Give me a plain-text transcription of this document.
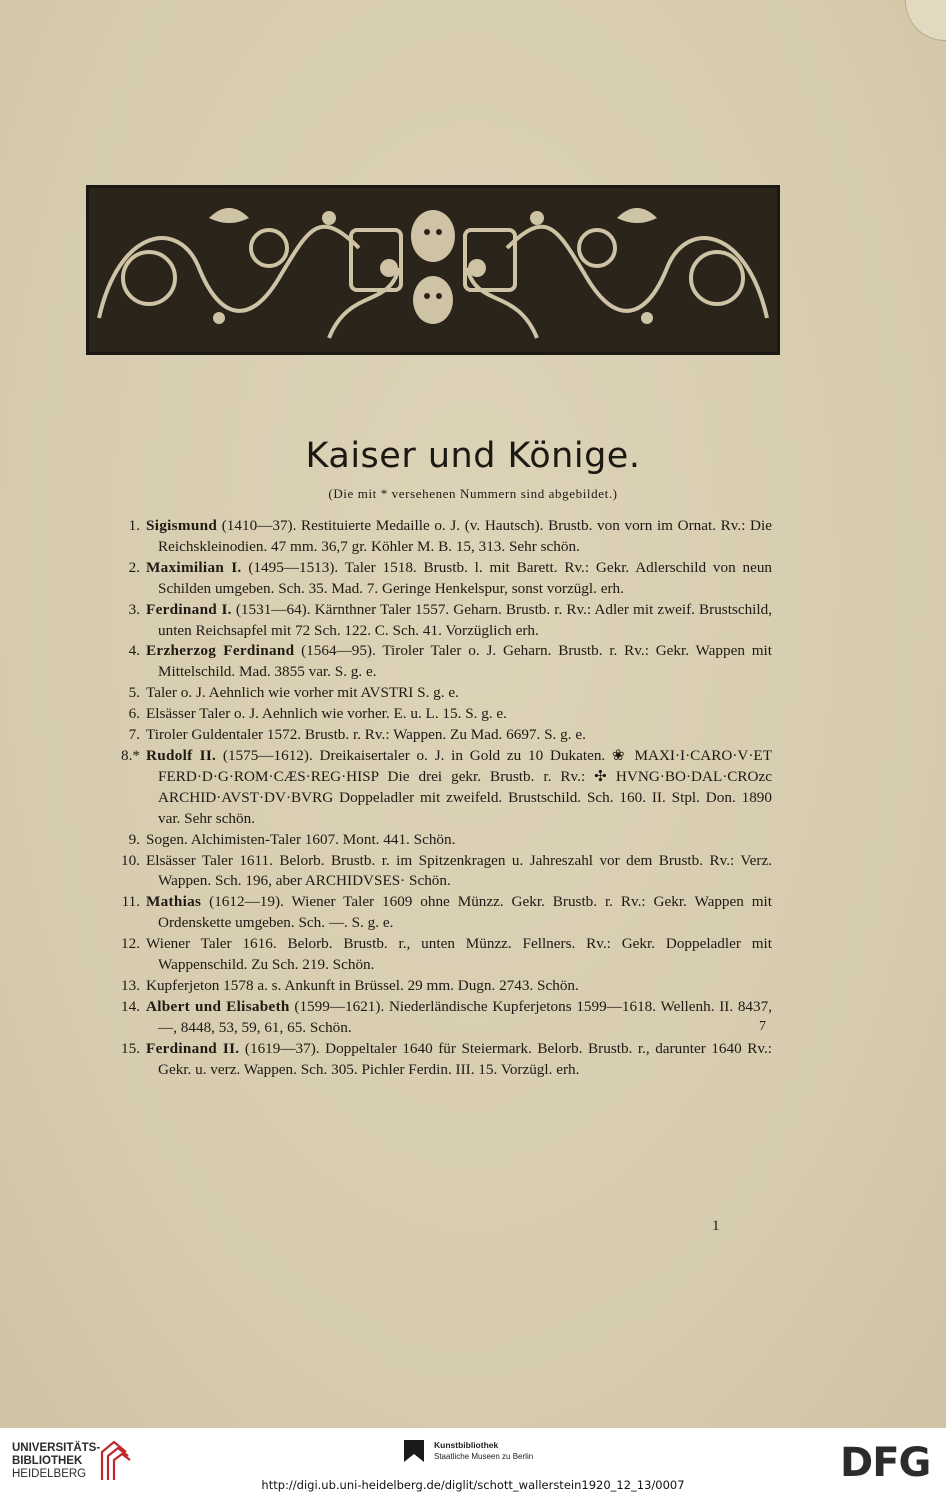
Kaiser und Könige.
(Die mit * versehenen Nummern sind abgebildet.)
1. Sigismund (1410—37). Restituierte Medaille o. J. (v. Hautsch). Brustb. von vorn im Ornat. Rv.: Die Reichskleinodien. 47 mm. 36,7 gr. Köhler M. B. 15, 313. Sehr schön.
2. Maximilian I. (1495—1513). Taler 1518. Brustb. l. mit Barett. Rv.: Gekr. Adlerschild von neun Schilden umgeben. Sch. 35. Mad. 7. Geringe Henkelspur, sonst vorzügl. erh.
3. Ferdinand I. (1531—64). Kärnthner Taler 1557. Geharn. Brustb. r. Rv.: Adler mit zweif. Brustschild, unten Reichsapfel mit 72 Sch. 122. C. Sch. 41. Vorzüglich erh.
4. Erzherzog Ferdinand (1564—95). Tiroler Taler o. J. Geharn. Brustb. r. Rv.: Gekr. Wappen mit Mittelschild. Mad. 3855 var. S. g. e.
5. Taler o. J. Aehnlich wie vorher mit AVSTRI S. g. e.
6. Elsässer Taler o. J. Aehnlich wie vorher. E. u. L. 15. S. g. e.
7. Tiroler Guldentaler 1572. Brustb. r. Rv.: Wappen. Zu Mad. 6697. S. g. e.
8.* Rudolf II. (1575—1612). Dreikaisertaler o. J. in Gold zu 10 Dukaten. ❀ MAXI·I·CARO·V·ET FERD·D·G·ROM·CÆS·REG·HISP Die drei gekr. Brustb. r. Rv.: ✣ HVNG·BO·DAL·CROzc ARCHID·AVST·DV·BVRG Doppeladler mit zweifeld. Brustschild. Sch. 160. II. Stpl. Don. 1890 var. Sehr schön.
9. Sogen. Alchimisten-Taler 1607. Mont. 441. Schön.
10. Elsässer Taler 1611. Belorb. Brustb. r. im Spitzenkragen u. Jahreszahl vor dem Brustb. Rv.: Verz. Wappen. Sch. 196, aber ARCHIDVSES· Schön.
11. Mathias (1612—19). Wiener Taler 1609 ohne Münzz. Gekr. Brustb. r. Rv.: Gekr. Wappen mit Ordenskette umgeben. Sch. —. S. g. e.
12. Wiener Taler 1616. Belorb. Brustb. r., unten Münzz. Fellners. Rv.: Gekr. Doppeladler mit Wappenschild. Zu Sch. 219. Schön.
13. Kupferjeton 1578 a. s. Ankunft in Brüssel. 29 mm. Dugn. 2743. Schön.
14. Albert und Elisabeth (1599—1621). Niederländische Kupferjetons 1599—1618. Wellenh. II. 8437, —, 8448, 53, 59, 61, 65. Schön.	7
15. Ferdinand II. (1619—37). Doppeltaler 1640 für Steiermark. Belorb. Brustb. r., darunter 1640 Rv.: Gekr. u. verz. Wappen. Sch. 305. Pichler Ferdin. III. 15. Vorzügl. erh.
1
UNIVERSITÄTS-
BIBLIOTHEK
HEIDELBERG
Kunstbibliothek
Staatliche Museen zu Berlin	DFG
http://digi.ub.uni-heidelberg.de/diglit/schott_wallerstein1920_12_13/0007
